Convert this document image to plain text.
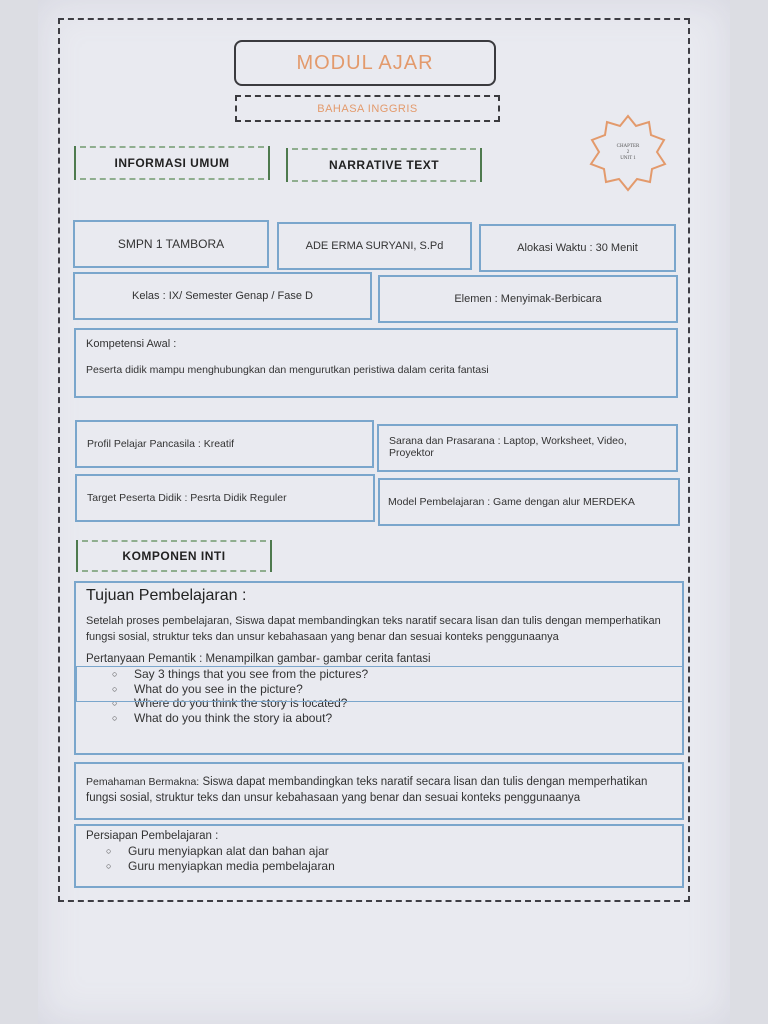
MODUL AJAR
BAHASA INGGRIS
INFORMASI UMUM	NARRATIVE TEXT
CHAPTER
2
UNIT 1
SMPN 1 TAMBORA	ADE ERMA SURYANI, S.Pd	Alokasi Waktu : 30 Menit
Kelas : IX/ Semester Genap / Fase D	Elemen : Menyimak-Berbicara
Kompetensi Awal :
Peserta didik mampu menghubungkan dan mengurutkan peristiwa dalam cerita fantasi
Profil Pelajar Pancasila : Kreatif	Sarana dan Prasarana : Laptop, Worksheet, Video, Proyektor
Target Peserta Didik : Pesrta Didik Reguler	Model Pembelajaran : Game dengan alur MERDEKA
KOMPONEN INTI
Tujuan Pembelajaran :
Setelah proses pembelajaran, Siswa dapat membandingkan teks naratif secara lisan dan tulis dengan memperhatikan fungsi sosial, struktur teks dan unsur kebahasaan yang benar dan sesuai konteks penggunaanya
Pertanyaan Pemantik : Menampilkan gambar- gambar cerita fantasi
○ Say 3 things that you see from the pictures?
○ What do you see in the picture?
○ Where do you think the story is located?
○ What do you think the story ia about?
Pemahaman Bermakna: Siswa dapat membandingkan teks naratif secara lisan dan tulis dengan memperhatikan fungsi sosial, struktur teks dan unsur kebahasaan yang benar dan sesuai konteks penggunaanya
Persiapan Pembelajaran :
○ Guru menyiapkan alat dan bahan ajar
○ Guru menyiapkan media pembelajaran
